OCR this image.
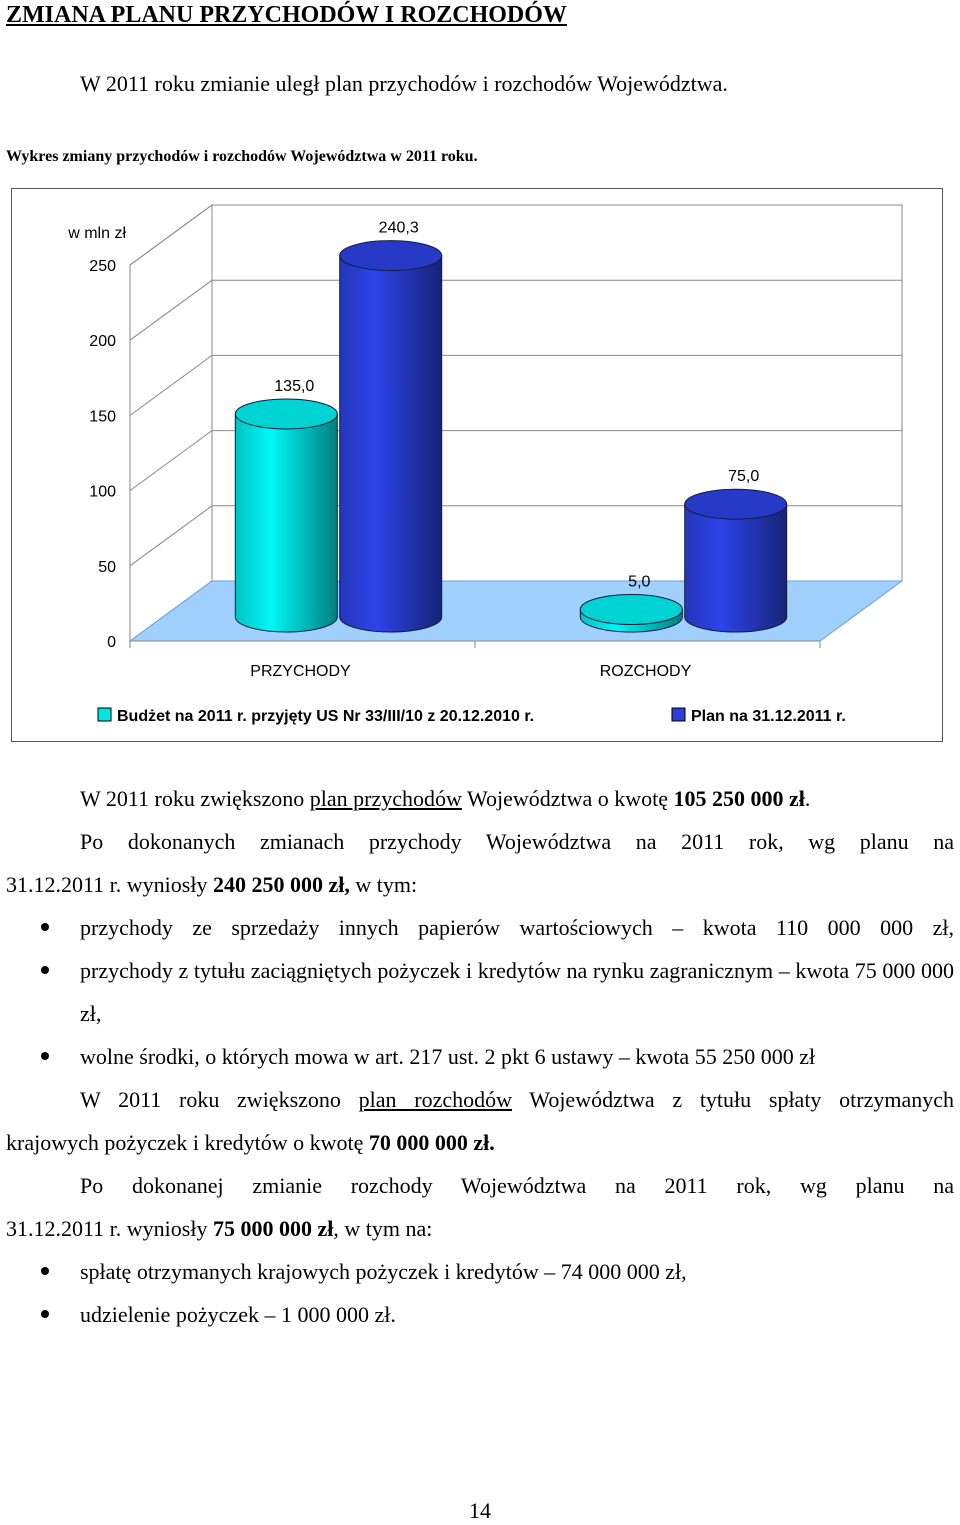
ZMIANA PLANU PRZYCHODÓW I ROZCHODÓW
W 2011 roku zmianie uległ plan przychodów i rozchodów Województwa.
Wykres zmiany przychodów i rozchodów Województwa w 2011 roku.
0
50
100
150
200
250
w mln zł
135,0
240,3
PRZYCHODY
5,0
75,0
ROZCHODY
Budżet na 2011 r. przyjęty US Nr 33/III/10 z 20.12.2010 r.	Plan na 31.12.2011 r.

W 2011 roku zwiększono plan przychodów Województwa o kwotę 105 250 000 zł.

Po dokonanych zmianach przychody Województwa na 2011 rok, wg planu na

31.12.2011 r. wyniosły 240 250 000 zł, w tym:

przychody ze sprzedaży innych papierów wartościowych – kwota 110 000 000 zł,
przychody z tytułu zaciągniętych pożyczek i kredytów na rynku zagranicznym – kwota 75 000 000 zł,
wolne środki, o których mowa w art. 217 ust. 2 pkt 6 ustawy – kwota 55 250 000 zł

W 2011 roku zwiększono plan rozchodów Województwa z tytułu spłaty otrzymanych

krajowych pożyczek i kredytów o kwotę 70 000 000 zł.

Po dokonanej zmianie rozchody Województwa na 2011 rok, wg planu na

31.12.2011 r. wyniosły 75 000 000 zł, w tym na:

spłatę otrzymanych krajowych pożyczek i kredytów – 74 000 000 zł,
udzielenie pożyczek – 1 000 000 zł.
14
